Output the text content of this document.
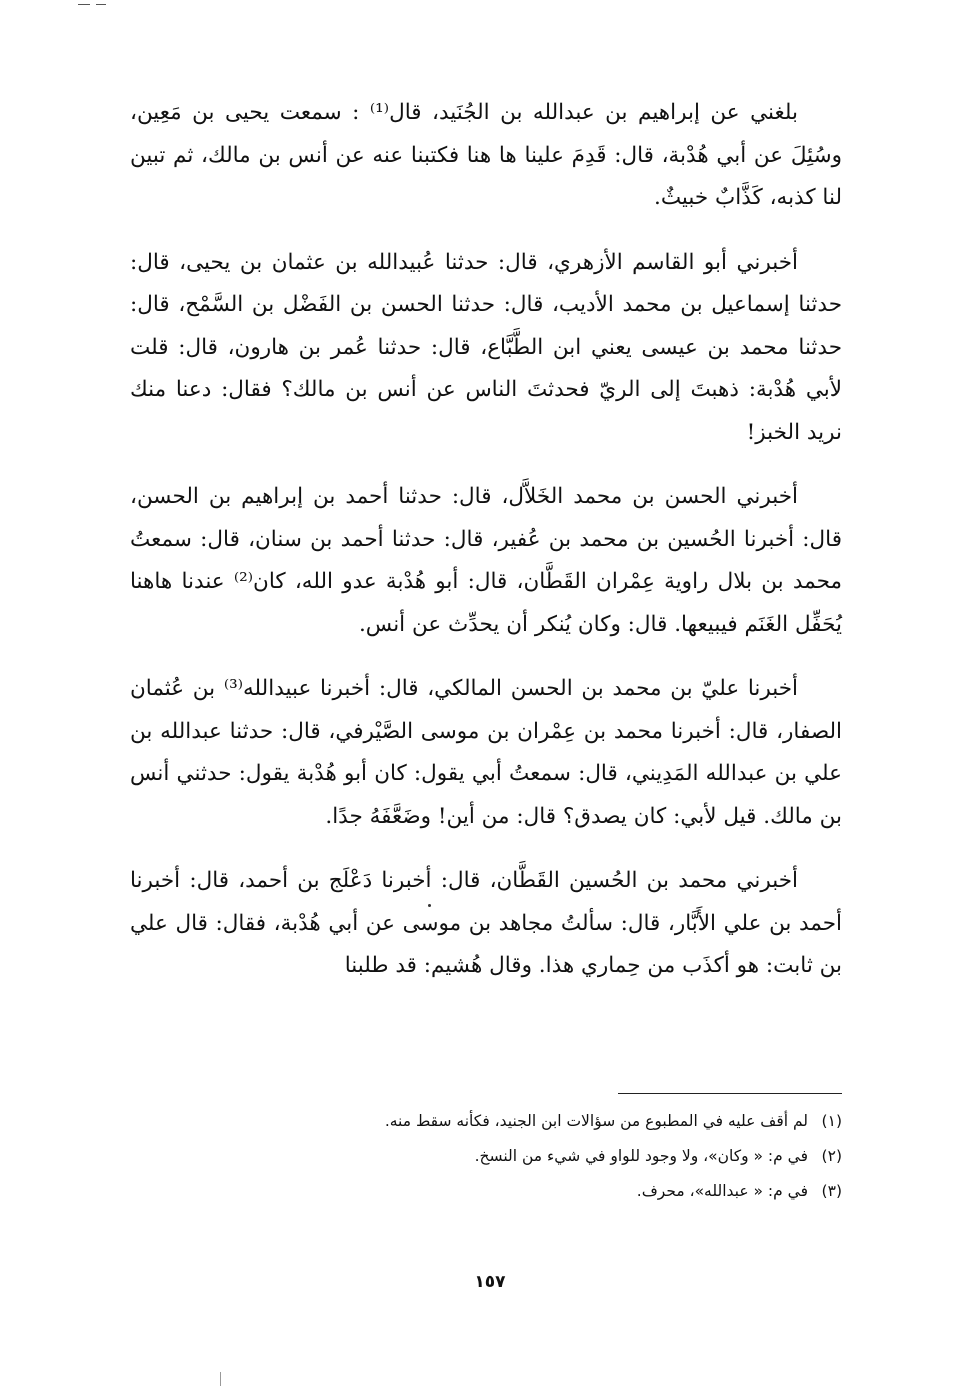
بلغني عن إبراهيم بن عبدالله بن الجُنَيد، قال⁽¹⁾ : سمعت يحيى بن مَعِين، وسُئِلَ عن أبي هُدْبة، قال: قَدِمَ علينا ها هنا فكتبنا عنه عن أنس بن مالك، ثم تبين لنا كذبه، كَذَّابٌ خبيثٌ.

أخبرني أبو القاسم الأزهري، قال: حدثنا عُبيدالله بن عثمان بن يحيى، قال: حدثنا إسماعيل بن محمد الأديب، قال: حدثنا الحسن بن الفَضْل بن السَّمْح، قال: حدثنا محمد بن عيسى يعني ابن الطَّبَّاع، قال: حدثنا عُمر بن هارون، قال: قلت لأبي هُدْبة: ذهبتَ إلى الريّ فحدثتَ الناس عن أنس بن مالك؟ فقال: دعنا منك نريد الخبز!

أخبرني الحسن بن محمد الخَلاَّل، قال: حدثنا أحمد بن إبراهيم بن الحسن، قال: أخبرنا الحُسين بن محمد بن عُفير، قال: حدثنا أحمد بن سنان، قال: سمعتُ محمد بن بلال راوية عِمْران القَطَّان، قال: أبو هُدْبة عدو الله، كان⁽²⁾ عندنا هاهنا يُحَفِّل الغَنَم فيبيعها. قال: وكان يُنكر أن يحدِّث عن أنس.

أخبرنا عليّ بن محمد بن الحسن المالكي، قال: أخبرنا عبيدالله⁽³⁾ بن عُثمان الصفار، قال: أخبرنا محمد بن عِمْران بن موسى الصَّيْرفي، قال: حدثنا عبدالله بن علي بن عبدالله المَدِيني، قال: سمعتُ أبي يقول: كان أبو هُدْبة يقول: حدثني أنس بن مالك. قيل لأبي: كان يصدق؟ قال: من أين! وضَعَّفَهُ جدًا.

أخبرني محمد بن الحُسين القَطَّان، قال: أخبرنا دَعْلَج بن أحمد، قال: أخبرنا أحمد بن علي الأَبَّار، قال: سألتُ مجاهد بن موسى عن أبي هُدْبة، فقال: قال علي بن ثابت: هو أكذَب من حِماري هذا. وقال هُشيم: قد طلبنا

(١)
لم أقف عليه في المطبوع من سؤالات ابن الجنيد، فكأنه سقط منه.
(٢)
في م: « وكان»، ولا وجود للواو في شيء من النسخ.
(٣)
في م: « عبدالله»، محرف.
١٥٧
